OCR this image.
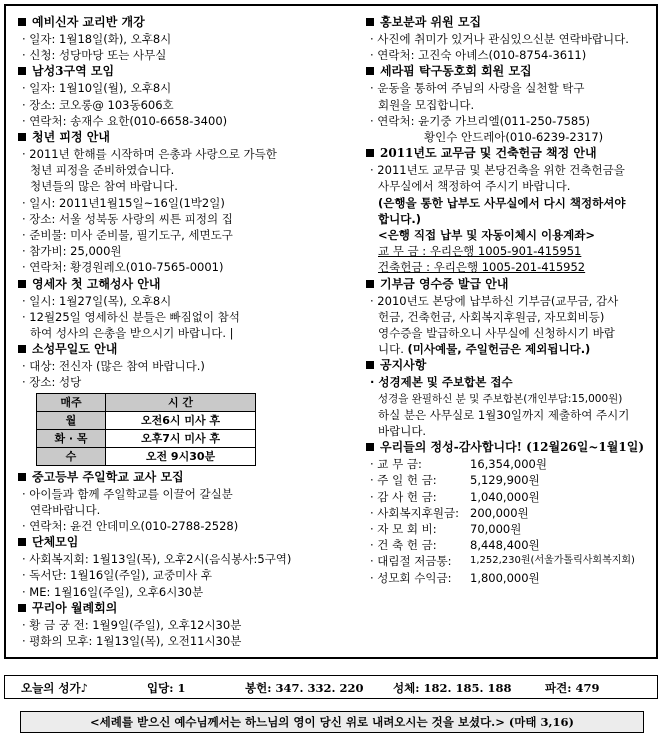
예비신자 교리반 개강
· 일자: 1월18일(화), 오후8시
· 신청: 성당마당 또는 사무실
남성3구역 모임
· 일자: 1월10일(월), 오후8시
· 장소: 코오롱@ 103동606호
· 연락처: 송재수 요한(010-6658-3400)
청년 피정 안내
· 2011년 한해를 시작하며 은총과 사랑으로 가득한
청년 피정을 준비하였습니다.
청년들의 많은 참여 바랍니다.
· 일시: 2011년1월15일~16일(1박2일)
· 장소: 서울 성북동 사랑의 씨튼 피정의 집
· 준비물: 미사 준비물, 필기도구, 세면도구
· 참가비: 25,000원
· 연락처: 황경원레오(010-7565-0001)
영세자 첫 고해성사 안내
· 일시: 1월27일(목), 오후8시
· 12월25일 영세하신 분들은 빠짐없이 참석
하여 성사의 은총을 받으시기 바랍니다. |
소성무일도 안내
· 대상: 전신자 (많은 참여 바랍니다.)
· 장소: 성당
매주	시 간
월	오전6시 미사 후
화 · 목	오후7시 미사 후
수	오전 9시30분
중고등부 주일학교 교사 모집
· 아이들과 함께 주일학교를 이끌어 갈실분
연락바랍니다.
· 연락처: 윤건 안데미오(010-2788-2528)
단체모임
· 사회복지회: 1월13일(목), 오후2시(음식봉사:5구역)
· 독서단: 1월16일(주일), 교중미사 후
· ME: 1월16일(주일), 오후6시30분
꾸리아 월례회의
· 황 금 궁 전: 1월9일(주일), 오후12시30분
· 평화의 모후: 1월13일(목), 오전11시30분
홍보분과 위원 모집
· 사진에 취미가 있거나 관심있으신분 연락바랍니다.
· 연락처: 고진숙 아녜스(010-8754-3611)
세라핌 탁구동호회 회원 모집
· 운동을 통하여 주님의 사랑을 실천할 탁구
회원을 모집합니다.
· 연락처: 윤기중 가브리엘(011-250-7585)
황인수 안드레아(010-6239-2317)
2011년도 교무금 및 건축헌금 책정 안내
· 2011년도 교무금 및 본당건축을 위한 건축헌금을
사무실에서 책정하여 주시기 바랍니다.
(은행을 통한 납부도 사무실에서 다시 책정하셔야
합니다.)
<은행 직접 납부 및 자동이체시 이용계좌>
교 무 금 : 우리은행 1005-901-415951
건축헌금 : 우리은행 1005-201-415952
기부금 영수증 발급 안내
· 2010년도 본당에 납부하신 기부금(교무금, 감사
헌금, 건축헌금, 사회복지후원금, 자모회비등)
영수증을 발급하오니 사무실에 신청하시기 바랍
니다. (미사예물, 주일헌금은 제외됩니다.)
공지사항
· 성경제본 및 주보합본 접수
성경을 완필하신 분 및 주보합본(개인부담:15,000원)
하실 분은 사무실로 1월30일까지 제출하여 주시기
바랍니다.
우리들의 정성-감사합니다! (12월26일~1월1일)
· 교 무 금:	16,354,000원
· 주 일 헌 금:	5,129,900원
· 감 사 헌 금:	1,040,000원
· 사회복지후원금: 200,000원
· 자 모 회 비:	70,000원
· 건 축 헌 금:	8,448,400원
· 대림절 저금통:	1,252,230원(서울가톨릭사회복지회)
· 성모회 수익금:	1,800,000원
오늘의 성가♪	입당: 1	봉헌: 347. 332. 220	성체: 182. 185. 188	파견: 479
<세례를 받으신 예수님께서는 하느님의 영이 당신 위로 내려오시는 것을 보셨다.> (마태 3,16)
